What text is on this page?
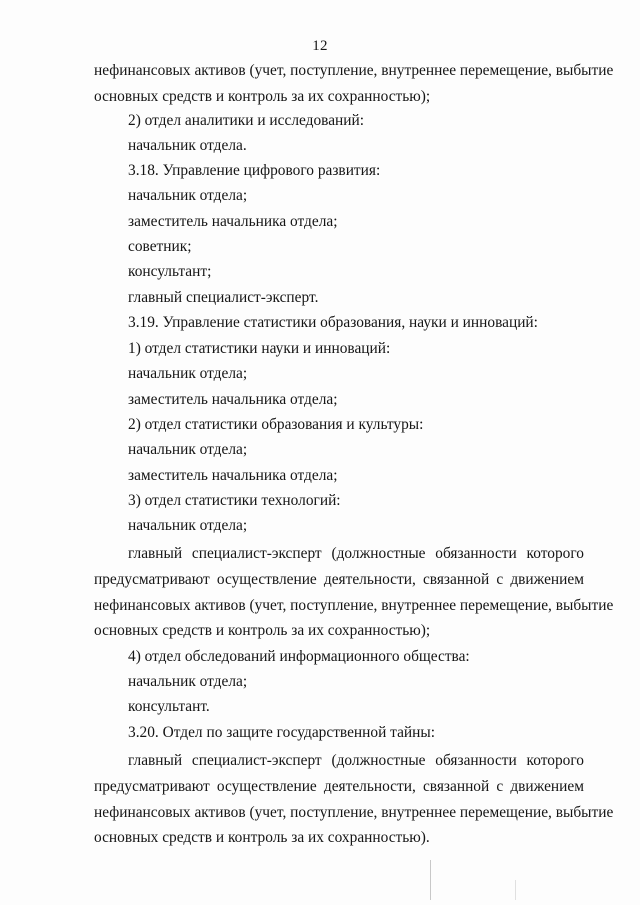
12
нефинансовых активов (учет, поступление, внутреннее перемещение, выбытие
основных средств и контроль за их сохранностью);
2) отдел аналитики и исследований:
начальник отдела.
3.18. Управление цифрового развития:
начальник отдела;
заместитель начальника отдела;
советник;
консультант;
главный специалист-эксперт.
3.19. Управление статистики образования, науки и инноваций:
1) отдел статистики науки и инноваций:
начальник отдела;
заместитель начальника отдела;
2) отдел статистики образования и культуры:
начальник отдела;
заместитель начальника отдела;
3) отдел статистики технологий:
начальник отдела;
главный специалист-эксперт (должностные обязанности которого
предусматривают осуществление деятельности, связанной с движением
нефинансовых активов (учет, поступление, внутреннее перемещение, выбытие
основных средств и контроль за их сохранностью);
4) отдел обследований информационного общества:
начальник отдела;
консультант.
3.20. Отдел по защите государственной тайны:
главный специалист-эксперт (должностные обязанности которого
предусматривают осуществление деятельности, связанной с движением
нефинансовых активов (учет, поступление, внутреннее перемещение, выбытие
основных средств и контроль за их сохранностью).
